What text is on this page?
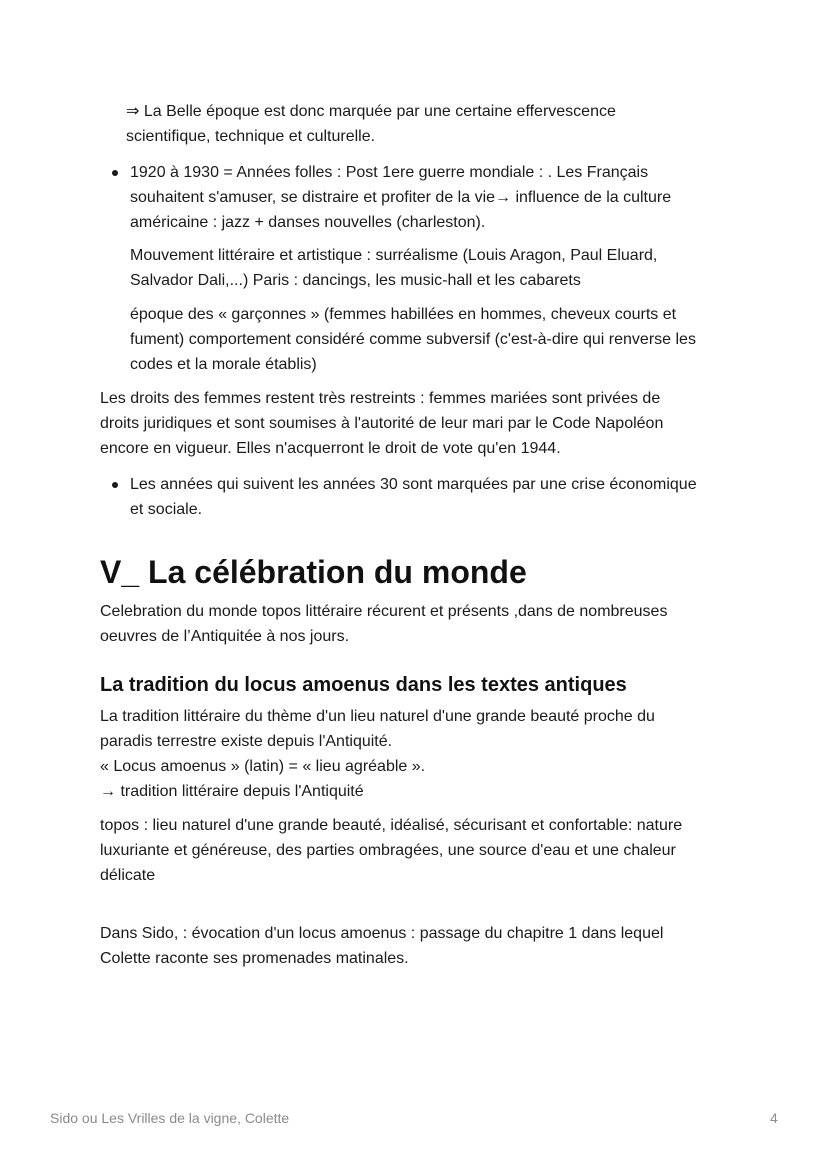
⇒ La Belle époque est donc marquée par une certaine effervescence
scientifique, technique et culturelle.
1920 à 1930 = Années folles : Post 1ere guerre mondiale : . Les Français
souhaitent s'amuser, se distraire et profiter de la vie→ influence de la culture
américaine : jazz + danses nouvelles (charleston).
Mouvement littéraire et artistique : surréalisme (Louis Aragon, Paul Eluard,
Salvador Dali,...) Paris : dancings, les music-hall et les cabarets
époque des « garçonnes » (femmes habillées en hommes, cheveux courts et
fument) comportement considéré comme subversif (c'est-à-dire qui renverse les
codes et la morale établis)
Les droits des femmes restent très restreints : femmes mariées sont privées de
droits juridiques et sont soumises à l'autorité de leur mari par le Code Napoléon
encore en vigueur. Elles n'acquerront le droit de vote qu'en 1944.
Les années qui suivent les années 30 sont marquées par une crise économique
et sociale.
V_ La célébration du monde
Celebration du monde topos littéraire récurent et présents ,dans de nombreuses
oeuvres de l’Antiquitée à nos jours.
La tradition du locus amoenus dans les textes antiques
La tradition littéraire du thème d'un lieu naturel d'une grande beauté proche du
paradis terrestre existe depuis l'Antiquité.
« Locus amoenus » (latin) = « lieu agréable ».
→ tradition littéraire depuis l'Antiquité
topos : lieu naturel d'une grande beauté, idéalisé, sécurisant et confortable: nature
luxuriante et généreuse, des parties ombragées, une source d'eau et une chaleur
délicate
Dans Sido, : évocation d'un locus amoenus : passage du chapitre 1 dans lequel
Colette raconte ses promenades matinales.
Sido ou Les Vrilles de la vigne, Colette	4
